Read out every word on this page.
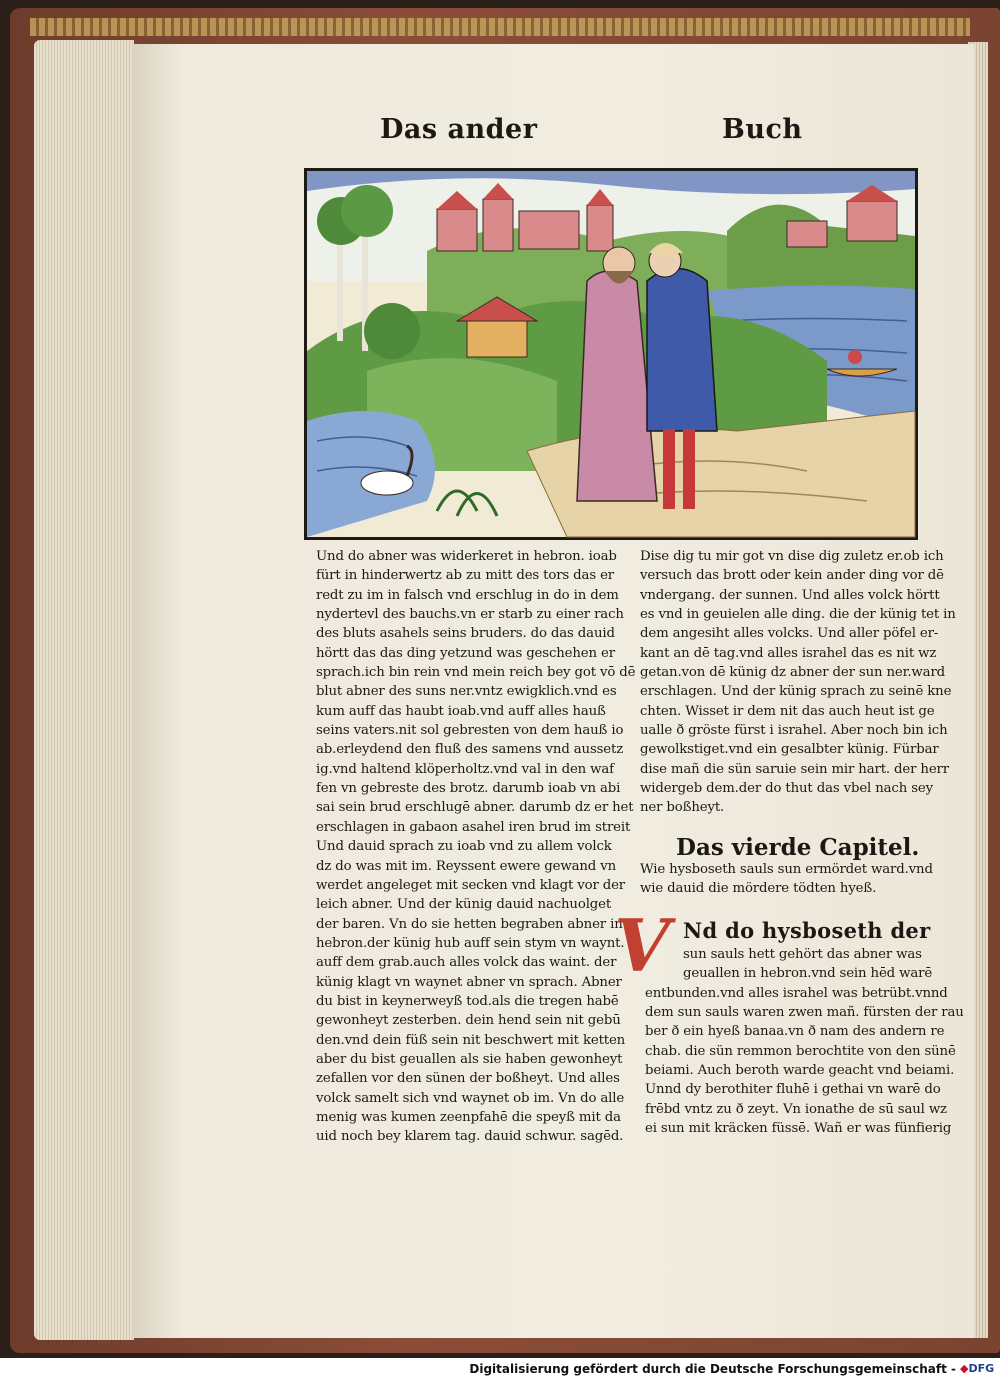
Das ander	Buch
Und do abner was widerkeret in hebron. ioab
fürt in hinderwertz ab zu mitt des tors das er
redt zu im in falsch vnd erschlug in do in dem
nydertevl des bauchs.vn er starb zu einer rach
des bluts asahels seins bruders. do das dauid
hörtt das das ding yetzund was geschehen er
sprach.ich bin rein vnd mein reich bey got vō dē
blut abner des suns ner.vntz ewigklich.vnd es
kum auff das haubt ioab.vnd auff alles hauß
seins vaters.nit sol gebresten von dem hauß io
ab.erleydend den fluß des samens vnd aussetz
ig.vnd haltend klöperholtz.vnd val in den waf
fen vn gebreste des brotz. darumb ioab vn abi
sai sein brud erschlugē abner. darumb dz er het
erschlagen in gabaon asahel iren brud im streit
Und dauid sprach zu ioab vnd zu allem volck
dz do was mit im. Reyssent ewere gewand vn
werdet angeleget mit secken vnd klagt vor der
leich abner. Und der künig dauid nachuolget
der baren. Vn do sie hetten begraben abner in
hebron.der künig hub auff sein stym vn waynt.
auff dem grab.auch alles volck das waint. der
künig klagt vn waynet abner vn sprach. Abner
du bist in keynerweyß tod.als die tregen habē
gewonheyt zesterben. dein hend sein nit gebū
den.vnd dein füß sein nit beschwert mit ketten
aber du bist geuallen als sie haben gewonheyt
zefallen vor den sünen der boßheyt. Und alles
volck samelt sich vnd waynet ob im. Vn do alle
menig was kumen zeenpfahē die speyß mit da
uid noch bey klarem tag. dauid schwur. sagēd.
Dise dig tu mir got vn dise dig zuletz er.ob ich
versuch das brott oder kein ander ding vor dē
vndergang. der sunnen. Und alles volck hörtt
es vnd in geuielen alle ding. die der künig tet in
dem angesiht alles volcks. Und aller pöfel er-
kant an dē tag.vnd alles israhel das es nit wz
getan.von dē künig dz abner der sun ner.ward
erschlagen. Und der künig sprach zu seinē kne
chten. Wisset ir dem nit das auch heut ist ge
ualle ð gröste fürst i israhel. Aber noch bin ich
gewolkstiget.vnd ein gesalbter künig. Fürbar
dise mañ die sün saruie sein mir hart. der herr
widergeb dem.der do thut das vbel nach sey
ner boßheyt.
Das vierde Capitel.
Wie hysboseth sauls sun ermördet ward.vnd
wie dauid die mördere tödten hyeß.
V Nd do hysboseth der
sun sauls hett gehört das abner was
geuallen in hebron.vnd sein hēd warē
entbunden.vnd alles israhel was betrübt.vnnd
dem sun sauls waren zwen mañ. fürsten der rau
ber ð ein hyeß banaa.vn ð nam des andern re
chab. die sün remmon berochtite von den sünē
beiami. Auch beroth warde geacht vnd beiami.
Unnd dy berothiter fluhē i gethai vn warē do
frēbd vntz zu ð zeyt. Vn ionathe de sū saul wz
ei sun mit kräcken füssē. Wañ er was fünfierig
Digitalisierung gefördert durch die Deutsche Forschungsgemeinschaft - ◆DFG
